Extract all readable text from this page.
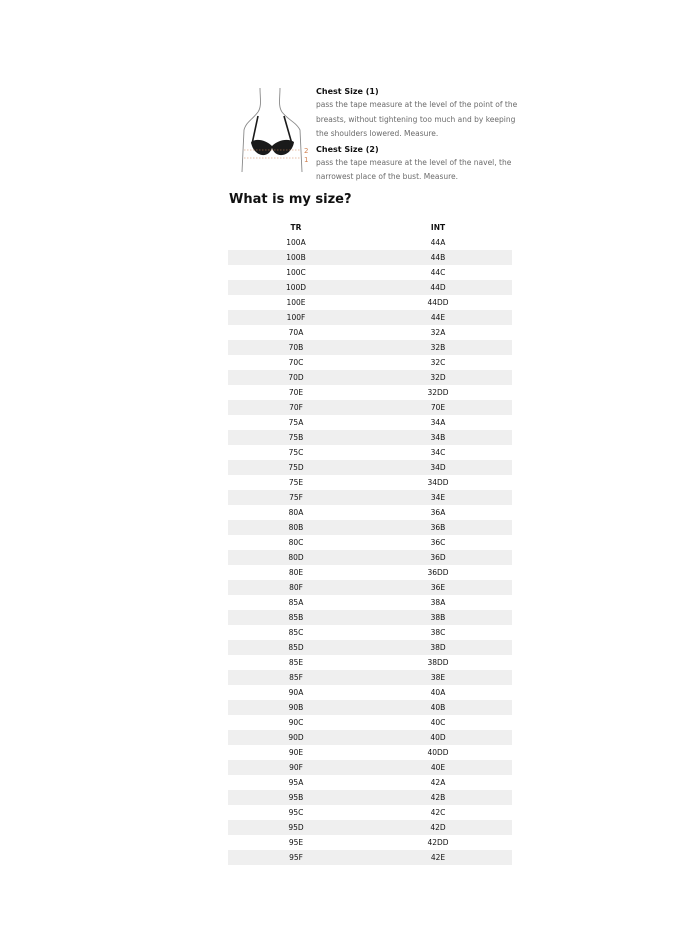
2
1

Chest Size (1)

pass the tape measure at the level of the point of the breasts, without tightening too much and by keeping the shoulders lowered. Measure.

Chest Size (2)

pass the tape measure at the level of the navel, the narrowest place of the bust. Measure.

What is my size?
TR	INT
100A	44A
100B	44B
100C	44C
100D	44D
100E	44DD
100F	44E
70A	32A
70B	32B
70C	32C
70D	32D
70E	32DD
70F	70E
75A	34A
75B	34B
75C	34C
75D	34D
75E	34DD
75F	34E
80A	36A
80B	36B
80C	36C
80D	36D
80E	36DD
80F	36E
85A	38A
85B	38B
85C	38C
85D	38D
85E	38DD
85F	38E
90A	40A
90B	40B
90C	40C
90D	40D
90E	40DD
90F	40E
95A	42A
95B	42B
95C	42C
95D	42D
95E	42DD
95F	42E
